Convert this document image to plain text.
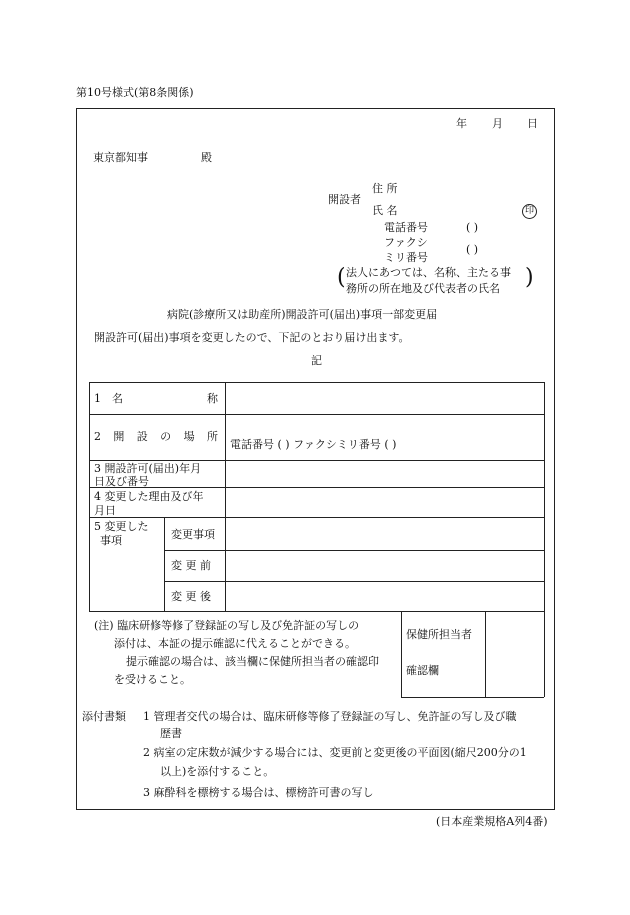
第10号様式(第8条関係)
年 月 日
東京都知事	殿
開設者
住 所
氏 名	印
電話番号	( )
ファクシ
ミリ番号
( )
( 法人にあつては、名称、主たる事
務所の所在地及び代表者の氏名 )
病院(診療所又は助産所)開設許可(届出)事項一部変更届
開設許可(届出)事項を変更したので、下記のとおり届け出ます。
記
1　名	称
2 開 設 の 場 所
電話番号 ( ) ファクシミリ番号 ( )
3 開設許可(届出)年月
日及び番号
4 変更した理由及び年
月日
5 変更した
事項	変更事項
変 更 前
変 更 後
(注) 臨床研修等修了登録証の写し及び免許証の写しの
添付は、本証の提示確認に代えることができる。
提示確認の場合は、該当欄に保健所担当者の確認印
を受けること。
保健所担当者
確認欄
添付書類 1 管理者交代の場合は、臨床研修等修了登録証の写し、免許証の写し及び職
歴書
2 病室の定床数が減少する場合には、変更前と変更後の平面図(縮尺200分の1
以上)を添付すること。
3 麻酔科を標榜する場合は、標榜許可書の写し
(日本産業規格A列4番)
